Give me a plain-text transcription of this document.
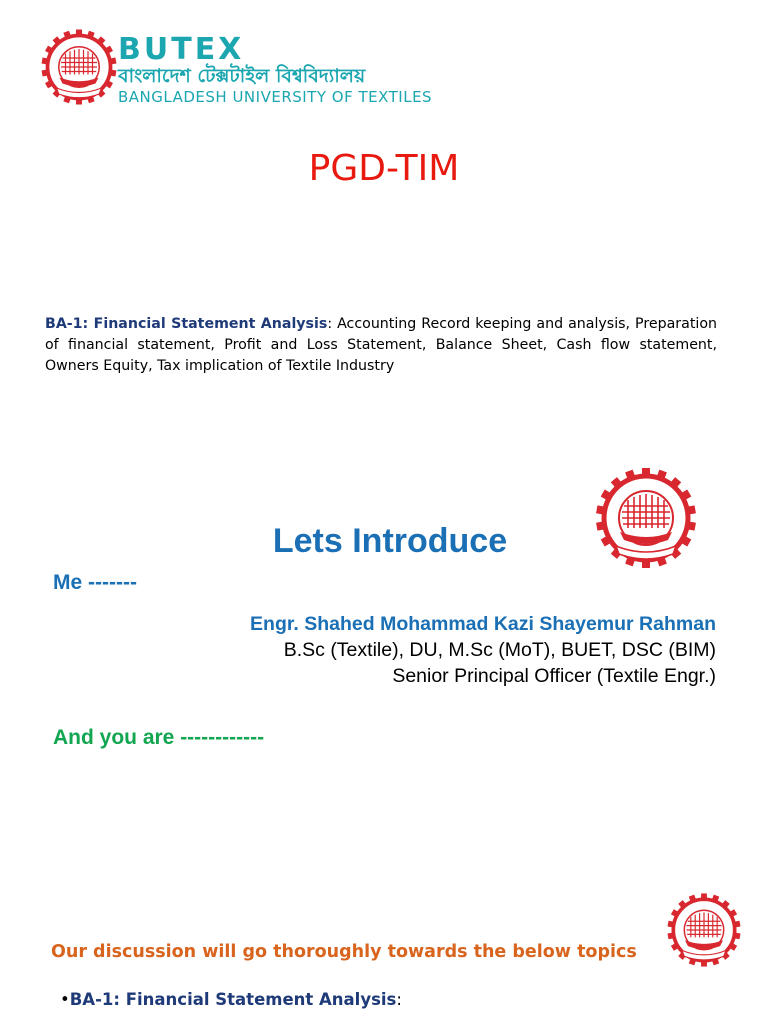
BUTEX
বাংলাদেশ টেক্সটাইল বিশ্ববিদ্যালয়
BANGLADESH UNIVERSITY OF TEXTILES
PGD-TIM
BA-1: Financial Statement Analysis: Accounting Record keeping and analysis, Preparation of financial statement, Profit and Loss Statement, Balance Sheet, Cash flow statement, Owners Equity, Tax implication of Textile Industry
Lets Introduce
Me -------
Engr. Shahed Mohammad Kazi Shayemur Rahman
B.Sc (Textile), DU, M.Sc (MoT), BUET, DSC (BIM)
Senior Principal Officer (Textile Engr.)
And you are ------------
Our discussion will go thoroughly towards the below topics
•BA-1: Financial Statement Analysis:
